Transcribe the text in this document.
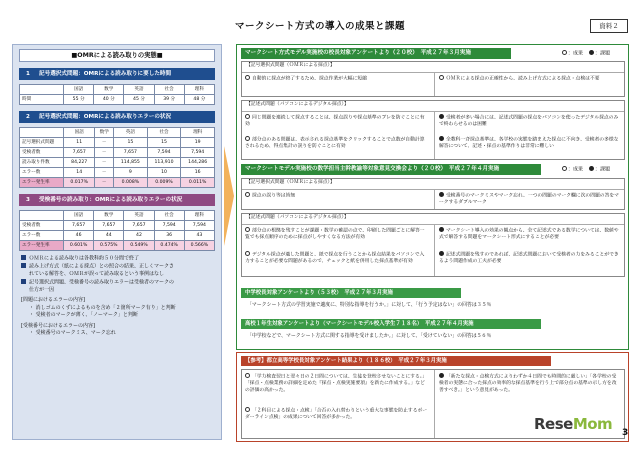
マークシート方式の導入の成果と課題	資料２
■OMRによる読み取りの実態■
1 記号選択式問題：OMRによる読み取りに要した時間
	国語	数学	英語	社会	理科
時間	55 分	40 分	45 分	39 分	48 分
2 記号選択式問題：OMRによる読み取りエラーの状況
	国語	数学	英語	社会	理科
記号選択式問題	11	－	15	15	19
受検者数	7,657	－	7,657	7,594	7,594
読み取り件数	84,227	－	114,855	113,910	144,286
エラー数	14	－	9	10	16
エラー発生率	0.017%	－	0.008%	0.009%	0.011%
3 受検番号の読み取り：OMRによる読み取りエラーの状況
	国語	数学	英語	社会	理科
受検者数	7,657	7,657	7,657	7,594	7,594
エラー数	46	44	42	36	43
エラー発生率	0.601%	0.575%	0.549%	0.474%	0.566%

ＯＭＲによる読み取りは各教科約５０分間で終了

読み上げ方式（紙による採点）との照合の結果、正しくマークさ

れている解答を、ＯＭＲが誤って読み取るという事例はなし

記号選択式問題、受検番号の読み取りエラーは受検者のマークの

仕方が一因

[問題におけるエラーの内容]

・ 消しゴムのくずによるものを含め「２箇所マーク有り」と判断

・ 受検者のマークが薄く、「ノーマーク」と判断

[受検番号におけるエラーの内容]

・ 受検番号のマークミス、マーク忘れ

マークシート方式モデル実施校の校長対象アンケートより（２０校）　平成２７年３月実施	：成果 ：課題
【記号選択式問題（ＯＭＲによる採点）】
自動的に採点が終了するため、採点作業が大幅に短縮	ＯＭＲによる採点の正確性から、読み上げ方式による採点・点検は不要
【記述式問題（パソコンによるデジタル採点）】
同じ問題を連続して採点することは、採点誤りや採点基準のブレを防ぐことに有効
受検者が多い場合には、記述式問題の採点をパソコンを使ったデジタル採点のみで終わらせるのは困難
部分点のある問題は、表示される採点基準をクリックすることで点数が自動計算されるため、得点集計の誤りを防ぐことに有効
全教科一斉採点基準は、各学校の実態を踏まえた採点に不向き、受検者の多様な解答について、記述・採点の基準作りは非常に難しい
マークシートモデル実施校の数学担当主幹教諭等対象意見交換会より（２０校）　平成２７年４月実施	：成果 ：課題
【記号選択式問題（ＯＭＲによる採点）】
採点の誤り等は皆無	受検番号のマークミスやマーク忘れ、一つの問題のマーク欄に次の問題の答をマークするダブルマーク
【記述式問題（パソコンによるデジタル採点）】
部分点の根拠を残すことが課題・数学の確認の点で、印刷した問題ごとに解答一覧でも採点順序のために採点がしやすくなる方法が有効
マークシート導入の効果の観点から、全て記述式である数学については、数値や式で解答する問題をマークシート形式にすることが必要
デジタル採点が適した問題と、紙で採点を行うことから採点結果をパソコンで入力することが必要な問題があるので、チェックと紙を併用した採点基準が有効
記述式問題を残すのであれば、記述式問題において受検者の力をみることができるよう問題作成の工夫が必要
中学校長対象アンケートより（５３校）　平成２７年３月実施
「マークシート方式の学習実施で適度に、特別な指導を行うか。」に対して、「行う予定はない」の回答は３５％
高校１年生対象アンケートより（マークシートモデル校入学生７１８名）　平成２７年４月実施
「中学校などで、マークシート方式に関する指導を受けましたか。」に対して、「受けていない」の回答は５６％
【参考】都立高等学校長対象アンケート結果より（１８６校）　平成２７年３月実施
「学力検査翌日と翌々日の２日間については、生徒を登校させないことにする。」「採点・点検業務の詳細を定めた『採点・点検実施要項』を新たに作成する。」などの評価の高かった。
「新たな採点・点検方式によりわずか４日間でも時間的に厳しい」「各学校の受検者の実態に合った採点の効率的な採点基準を行う上で部分点の基準の示し方を改善すべき。」という意見があった。
「２科目による採点・点検」「合否の入れ替わりという重大な事態を防止するボーダーライン点検」の成果について回答が多かった。	ReseMom 3
